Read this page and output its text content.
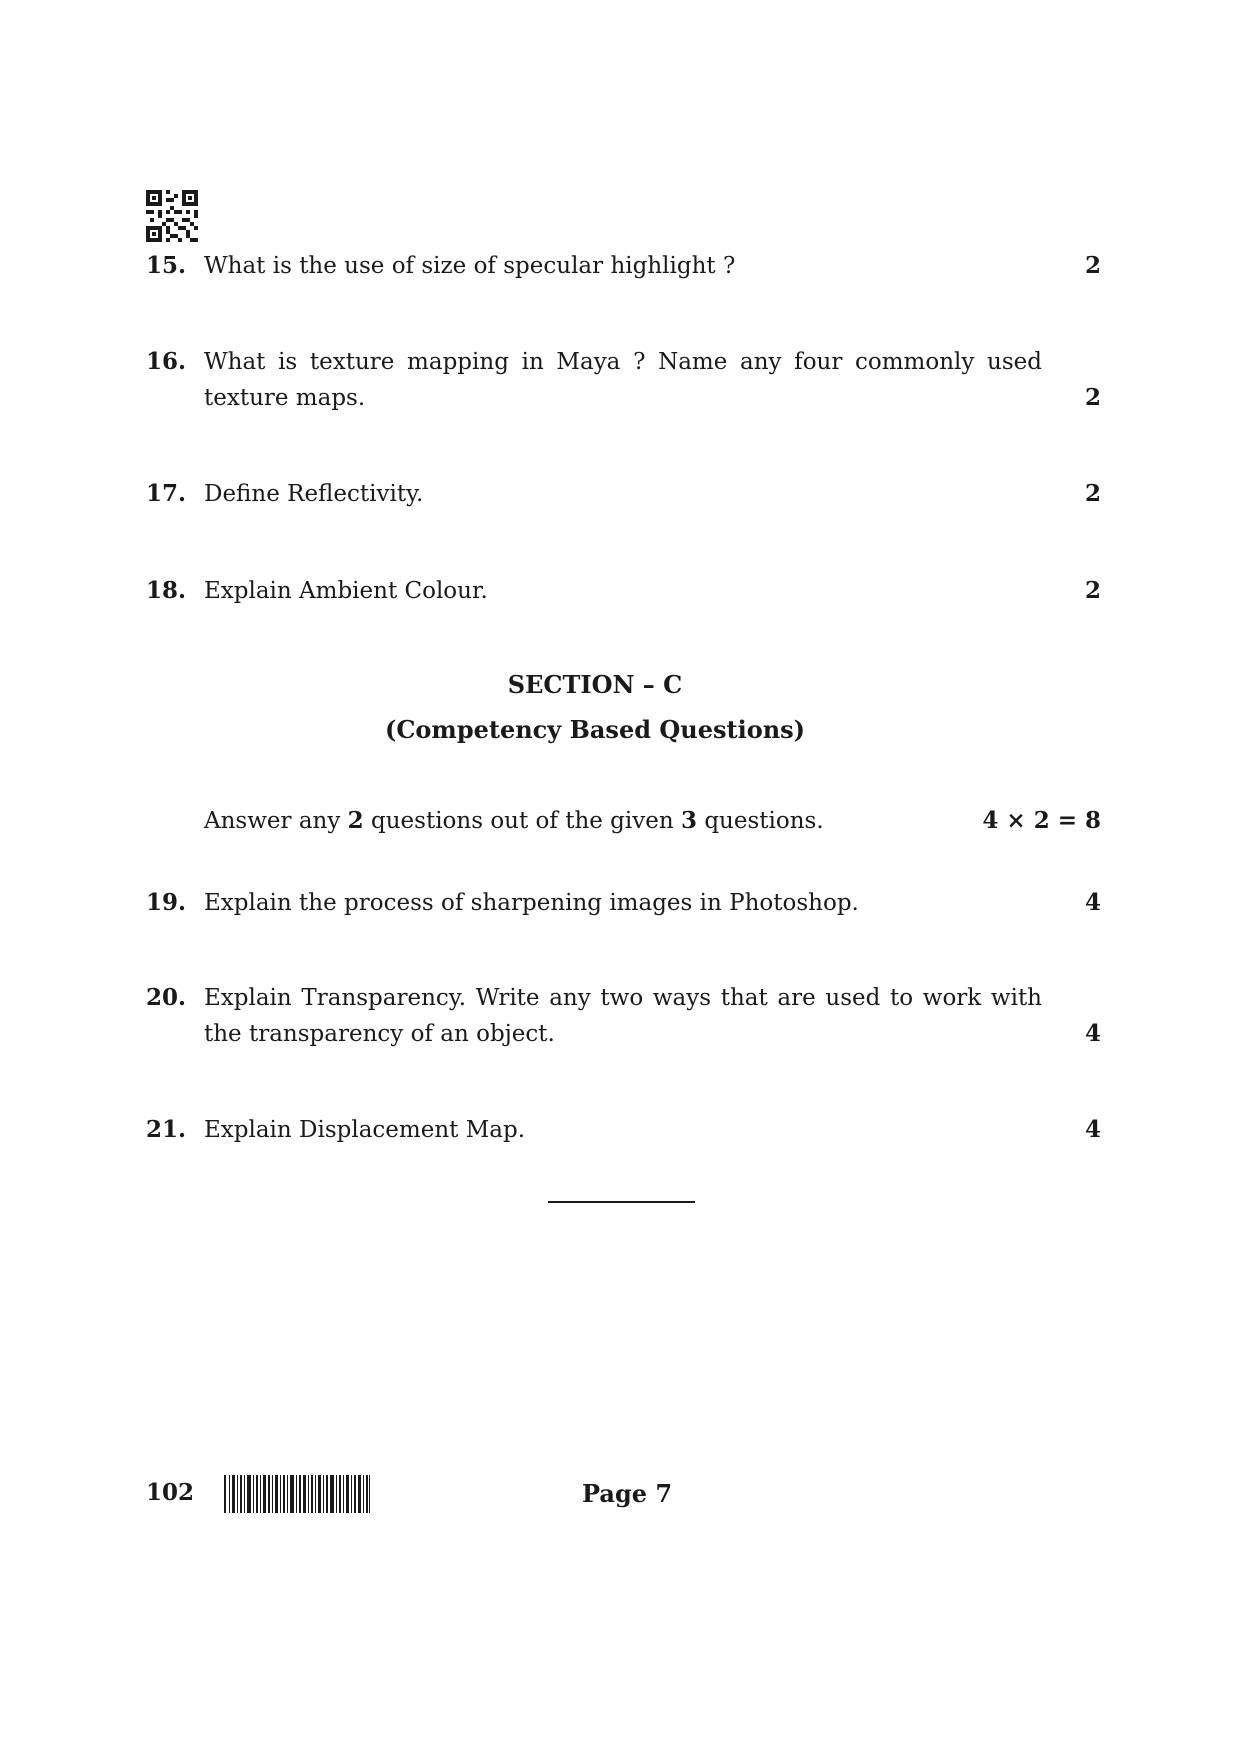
15. What is the use of size of specular highlight ?	2
16. What is texture mapping in Maya ? Name any four commonly used texture maps.	2
17. Define Reflectivity.	2
18. Explain Ambient Colour.	2
SECTION – C
(Competency Based Questions)
Answer any 2 questions out of the given 3 questions.	4 × 2 = 8
19. Explain the process of sharpening images in Photoshop.	4
20. Explain Transparency. Write any two ways that are used to work with the transparency of an object.	4
21. Explain Displacement Map.	4
102	Page 7
